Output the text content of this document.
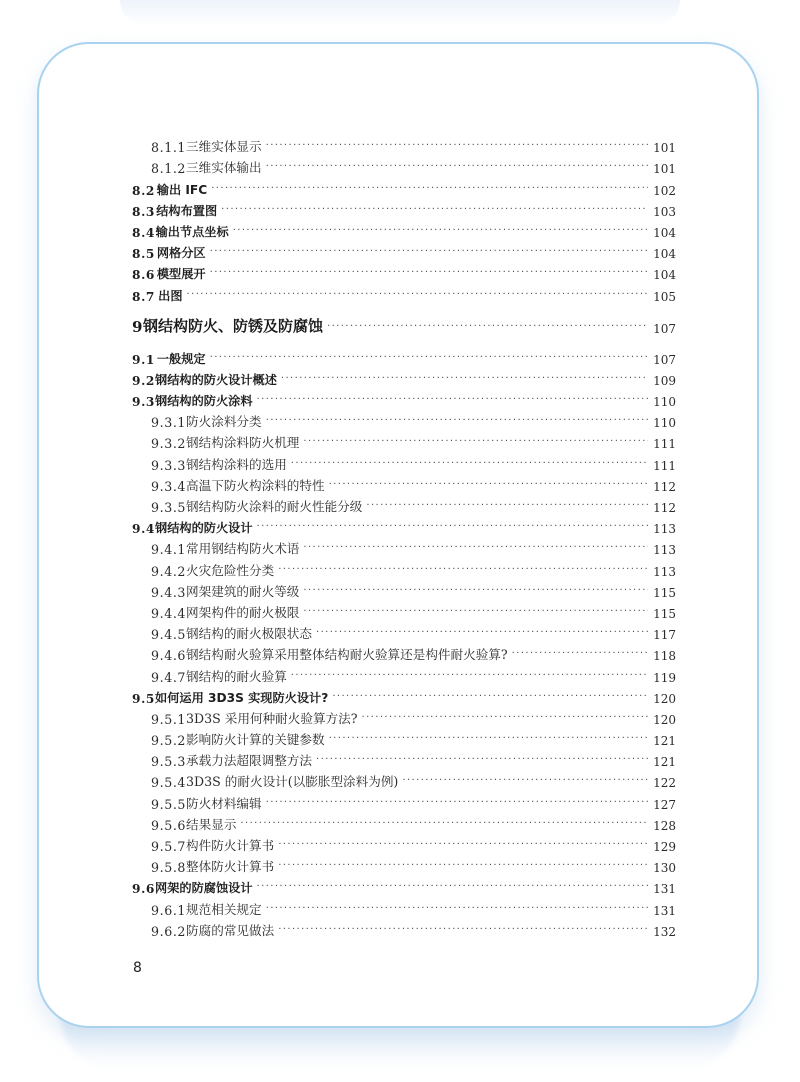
8.1.1 三维实体显示 ·····	101
8.1.2 三维实体输出 ·····	101
8.2 输出 IFC ·····	102
8.3 结构布置图 ·····	103
8.4 输出节点坐标 ·····	104
8.5 网格分区 ·····	104
8.6 模型展开 ·····	104
8.7 出图 ·····	105
9 钢结构防火、防锈及防腐蚀 ·····	107
9.1 一般规定 ·····	107
9.2 钢结构的防火设计概述 ·····	109
9.3 钢结构的防火涂料 ·····	110
9.3.1 防火涂料分类 ·····	110
9.3.2 钢结构涂料防火机理 ·····	111
9.3.3 钢结构涂料的选用 ·····	111
9.3.4 高温下防火构涂料的特性 ·····	112
9.3.5 钢结构防火涂料的耐火性能分级 ·····	112
9.4 钢结构的防火设计 ·····	113
9.4.1 常用钢结构防火术语 ·····	113
9.4.2 火灾危险性分类 ·····	113
9.4.3 网架建筑的耐火等级 ·····	115
9.4.4 网架构件的耐火极限 ·····	115
9.4.5 钢结构的耐火极限状态 ·····	117
9.4.6 钢结构耐火验算采用整体结构耐火验算还是构件耐火验算? ·····	118
9.4.7 钢结构的耐火验算 ·····	119
9.5 如何运用 3D3S 实现防火设计? ·····	120
9.5.1 3D3S 采用何种耐火验算方法? ·····	120
9.5.2 影响防火计算的关键参数 ·····	121
9.5.3 承载力法超限调整方法 ·····	121
9.5.4 3D3S 的耐火设计(以膨胀型涂料为例) ·····	122
9.5.5 防火材料编辑 ·····	127
9.5.6 结果显示 ·····	128
9.5.7 构件防火计算书 ·····	129
9.5.8 整体防火计算书 ·····	130
9.6 网架的防腐蚀设计 ·····	131
9.6.1 规范相关规定 ·····	131
9.6.2 防腐的常见做法 ·····	132
8
